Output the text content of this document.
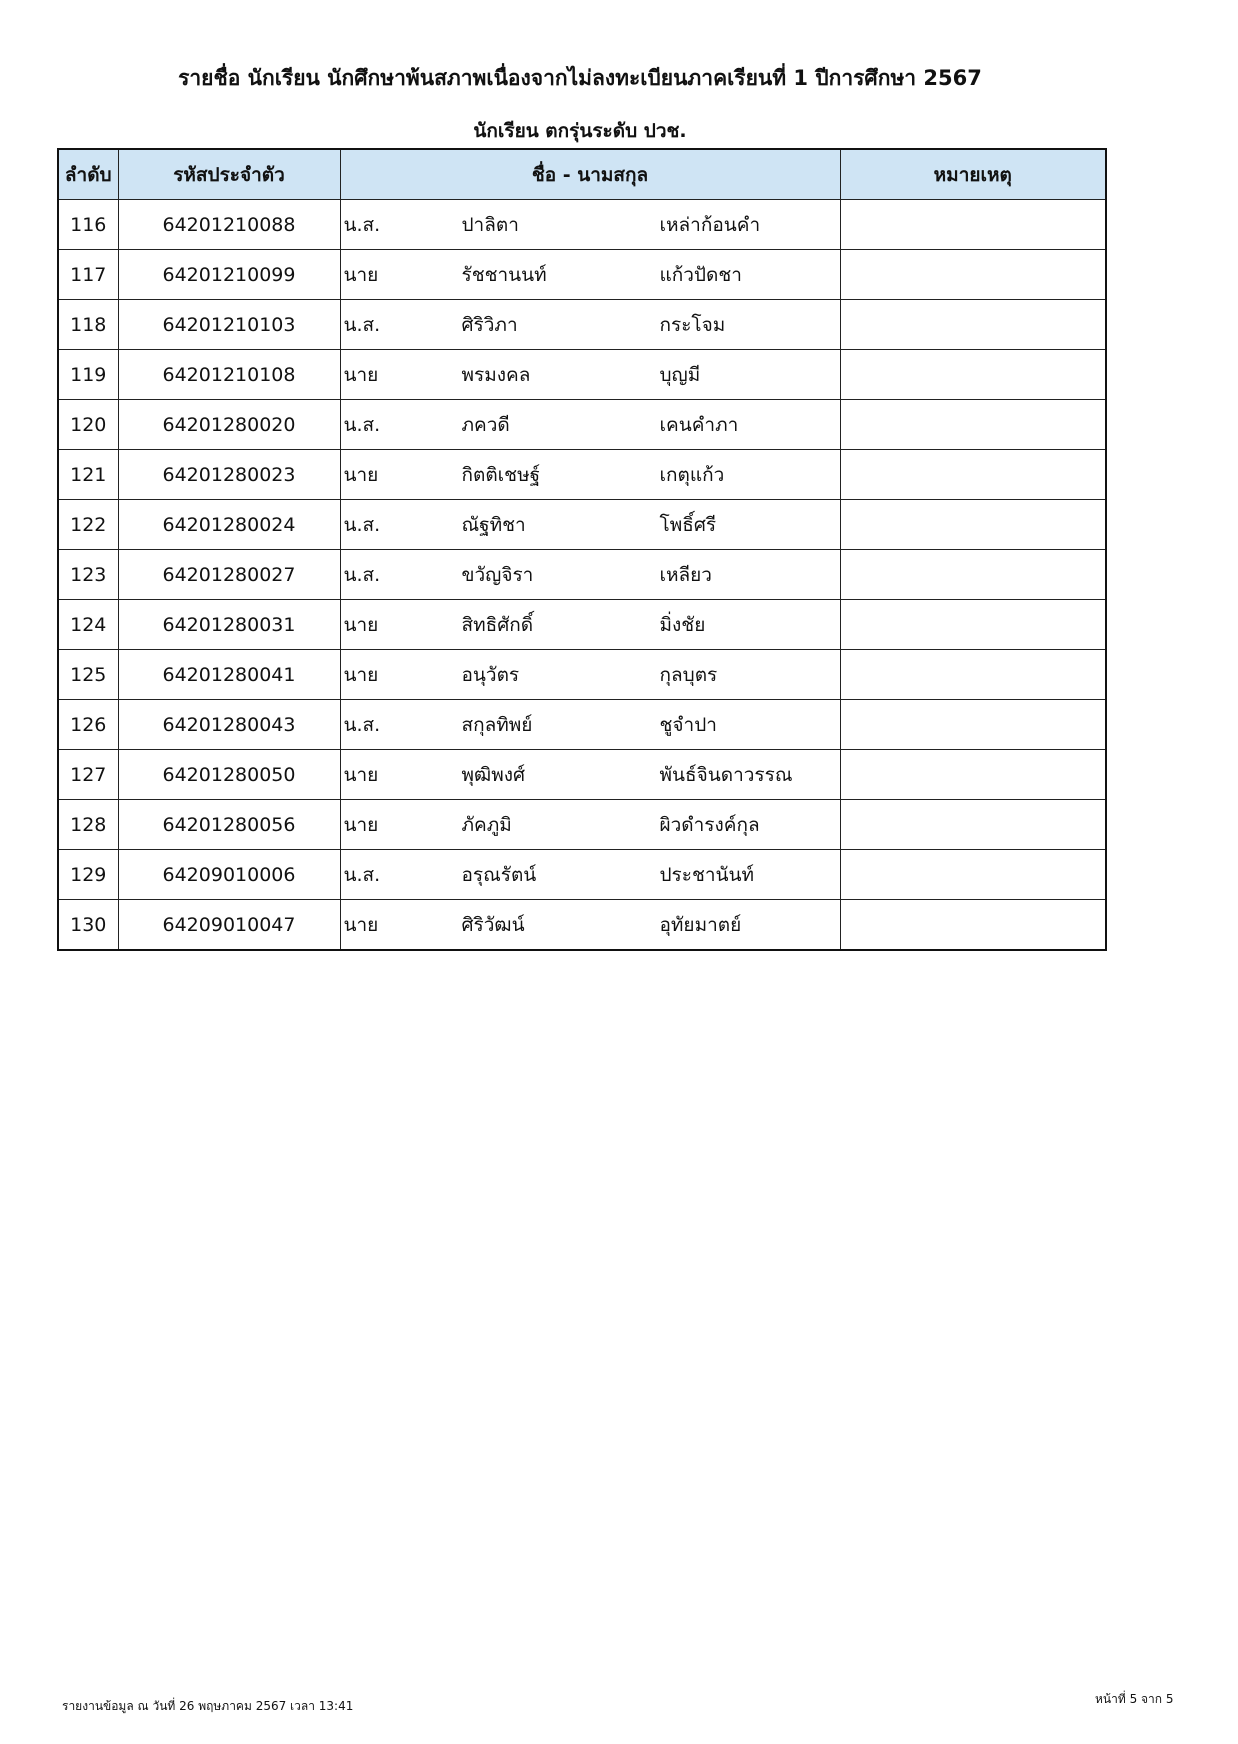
รายชื่อ นักเรียน นักศึกษาพ้นสภาพเนื่องจากไม่ลงทะเบียนภาคเรียนที่ 1 ปีการศึกษา 2567
นักเรียน ตกรุ่นระดับ ปวช.
ลำดับ	รหัสประจำตัว	ชื่อ - นามสกุล	หมายเหตุ
116	64201210088	น.ส. ปาลิตา เหล่าก้อนคำ	

117	64201210099	นาย รัชชานนท์ แก้วปัดชา	

118	64201210103	น.ส. ศิริวิภา กระโจม	

119	64201210108	นาย พรมงคล บุญมี	

120	64201280020	น.ส. ภควดี เคนคำภา	

121	64201280023	นาย กิตติเชษฐ์ เกตุแก้ว	

122	64201280024	น.ส. ณัฐทิชา โพธิ์ศรี	

123	64201280027	น.ส. ขวัญจิรา เหลียว	

124	64201280031	นาย สิทธิศักดิ์ มิ่งชัย	

125	64201280041	นาย อนุวัตร กุลบุตร	

126	64201280043	น.ส. สกุลทิพย์ ชูจำปา	

127	64201280050	นาย พุฒิพงศ์ พันธ์จินดาวรรณ	

128	64201280056	นาย ภัคภูมิ ผิวดำรงค์กุล	

129	64209010006	น.ส. อรุณรัตน์ ประชานันท์	

130	64209010047	นาย ศิริวัฒน์ อุทัยมาตย์	

รายงานข้อมูล ณ วันที่ 26 พฤษภาคม 2567 เวลา 13:41	หน้าที่ 5 จาก 5
